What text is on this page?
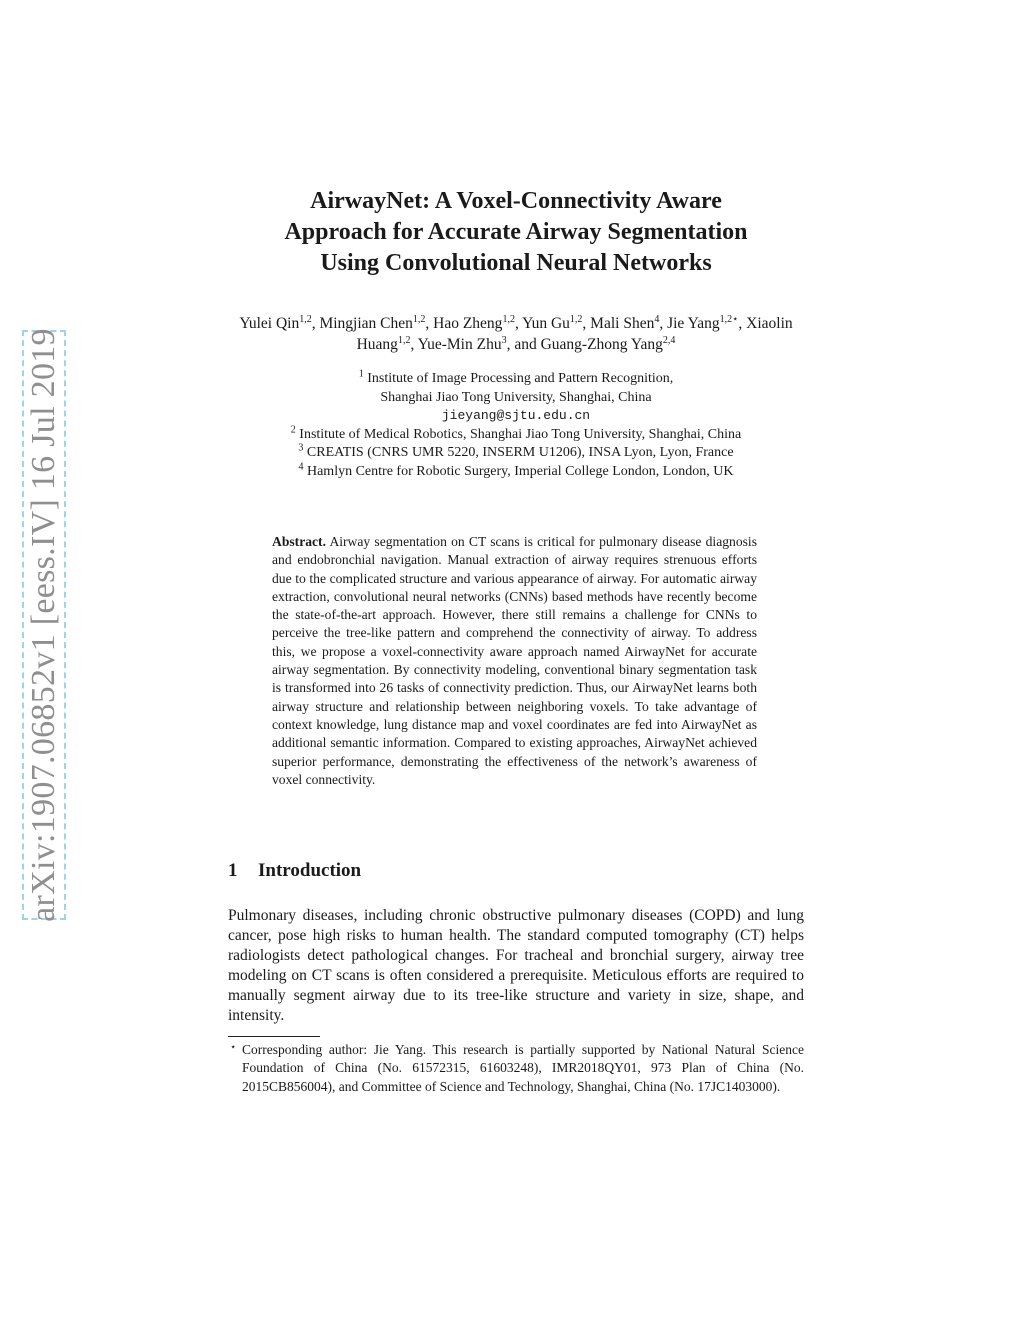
arXiv:1907.06852v1 [eess.IV] 16 Jul 2019
AirwayNet: A Voxel-Connectivity Aware
Approach for Accurate Airway Segmentation
Using Convolutional Neural Networks
Yulei Qin$^{1,2}$, Mingjian Chen$^{1,2}$, Hao Zheng$^{1,2}$, Yun Gu$^{1,2}$, Mali Shen$^4$, Jie Yang$^{1,2⋆}$, Xiaolin Huang$^{1,2}$, Yue-Min Zhu$^3$, and Guang-Zhong Yang$^{2,4}$
$^1$ Institute of Image Processing and Pattern Recognition,
Shanghai Jiao Tong University, Shanghai, China
jieyang@sjtu.edu.cn
$^2$ Institute of Medical Robotics, Shanghai Jiao Tong University, Shanghai, China
$^3$ CREATIS (CNRS UMR 5220, INSERM U1206), INSA Lyon, Lyon, France
$^4$ Hamlyn Centre for Robotic Surgery, Imperial College London, London, UK
Abstract. Airway segmentation on CT scans is critical for pulmonary disease diagnosis and endobronchial navigation. Manual extraction of airway requires strenuous efforts due to the complicated structure and various appearance of airway. For automatic airway extraction, convolutional neural networks (CNNs) based methods have recently become the state-of-the-art approach. However, there still remains a challenge for CNNs to perceive the tree-like pattern and comprehend the connectivity of airway. To address this, we propose a voxel-connectivity aware approach named AirwayNet for accurate airway segmentation. By connectivity modeling, conventional binary segmentation task is transformed into 26 tasks of connectivity prediction. Thus, our AirwayNet learns both airway structure and relationship between neighboring voxels. To take advantage of context knowledge, lung distance map and voxel coordinates are fed into AirwayNet as additional semantic information. Compared to existing approaches, AirwayNet achieved superior performance, demonstrating the effectiveness of the network’s awareness of voxel connectivity.
1 Introduction
Pulmonary diseases, including chronic obstructive pulmonary diseases (COPD) and lung cancer, pose high risks to human health. The standard computed tomography (CT) helps radiologists detect pathological changes. For tracheal and bronchial surgery, airway tree modeling on CT scans is often considered a prerequisite. Meticulous efforts are required to manually segment airway due to its tree-like structure and variety in size, shape, and intensity.
⋆ Corresponding author: Jie Yang. This research is partially supported by National Natural Science Foundation of China (No. 61572315, 61603248), IMR2018QY01, 973 Plan of China (No. 2015CB856004), and Committee of Science and Technology, Shanghai, China (No. 17JC1403000).
